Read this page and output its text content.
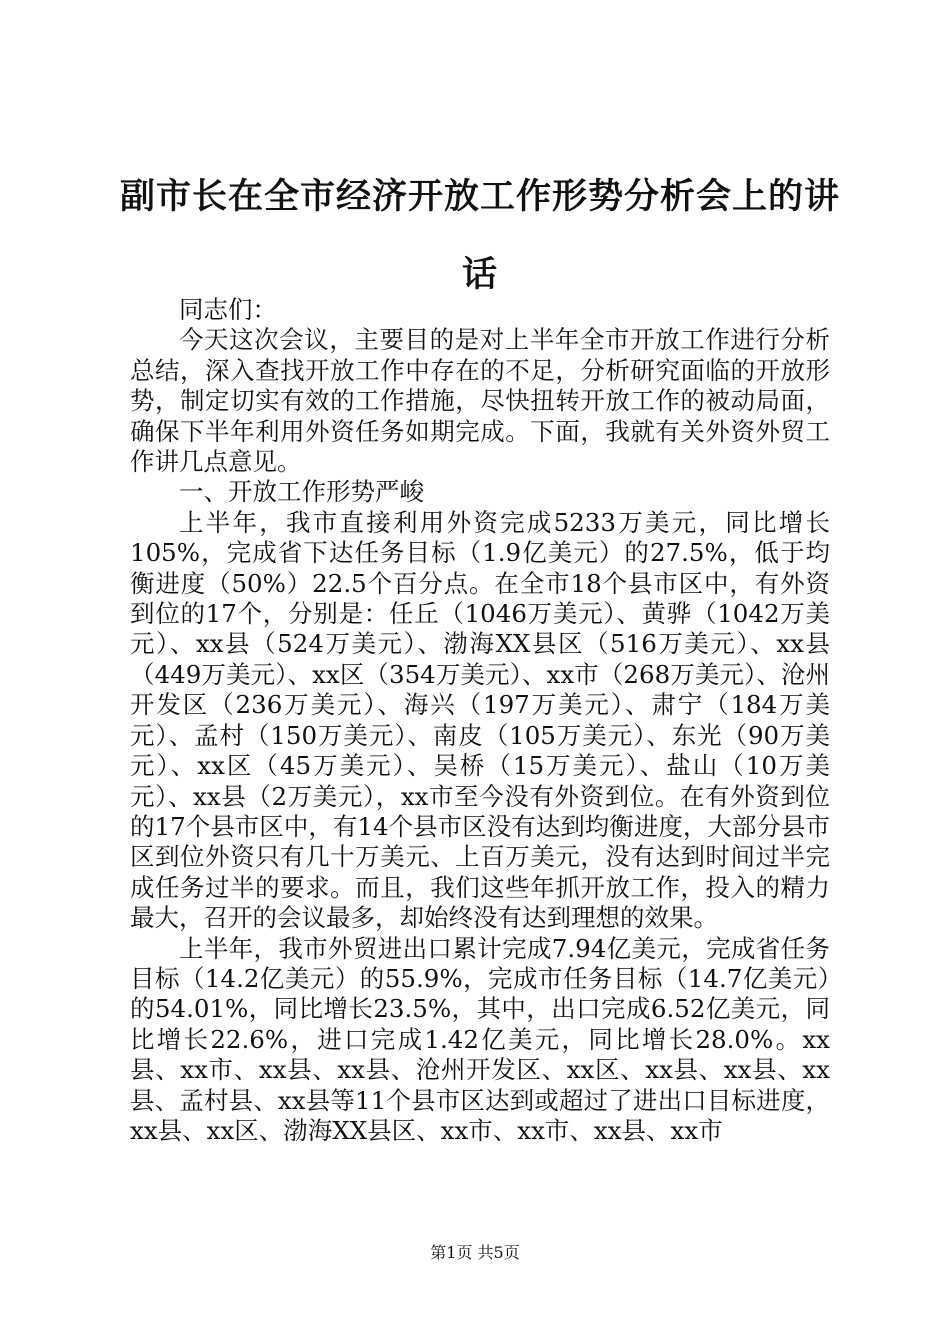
副市长在全市经济开放工作形势分析会上的讲话

同志们：

今天这次会议，主要目的是对上半年全市开放工作进行分析总结，深入查找开放工作中存在的不足，分析研究面临的开放形势，制定切实有效的工作措施，尽快扭转开放工作的被动局面，确保下半年利用外资任务如期完成。下面，我就有关外资外贸工作讲几点意见。

一、开放工作形势严峻

上半年，我市直接利用外资完成5233万美元，同比增长105%，完成省下达任务目标（1.9亿美元）的27.5%，低于均衡进度（50%）22.5个百分点。在全市18个县市区中，有外资到位的17个，分别是：任丘（1046万美元）、黄骅（1042万美元）、xx县（524万美元）、渤海XX县区（516万美元）、xx县（449万美元）、xx区（354万美元）、xx市（268万美元）、沧州开发区（236万美元）、海兴（197万美元）、肃宁（184万美元）、孟村（150万美元）、南皮（105万美元）、东光（90万美元）、xx区（45万美元）、吴桥（15万美元）、盐山（10万美元）、xx县（2万美元），xx市至今没有外资到位。在有外资到位的17个县市区中，有14个县市区没有达到均衡进度，大部分县市区到位外资只有几十万美元、上百万美元，没有达到时间过半完成任务过半的要求。而且，我们这些年抓开放工作，投入的精力最大，召开的会议最多，却始终没有达到理想的效果。

上半年，我市外贸进出口累计完成7.94亿美元，完成省任务目标（14.2亿美元）的55.9%，完成市任务目标（14.7亿美元）的54.01%，同比增长23.5%，其中，出口完成6.52亿美元，同比增长22.6%，进口完成1.42亿美元，同比增长28.0%。xx县、xx市、xx县、xx县、沧州开发区、xx区、xx县、xx县、xx县、孟村县、xx县等11个县市区达到或超过了进出口目标进度，xx县、xx区、渤海XX县区、xx市、xx市、xx县、xx市

第1页 共5页
